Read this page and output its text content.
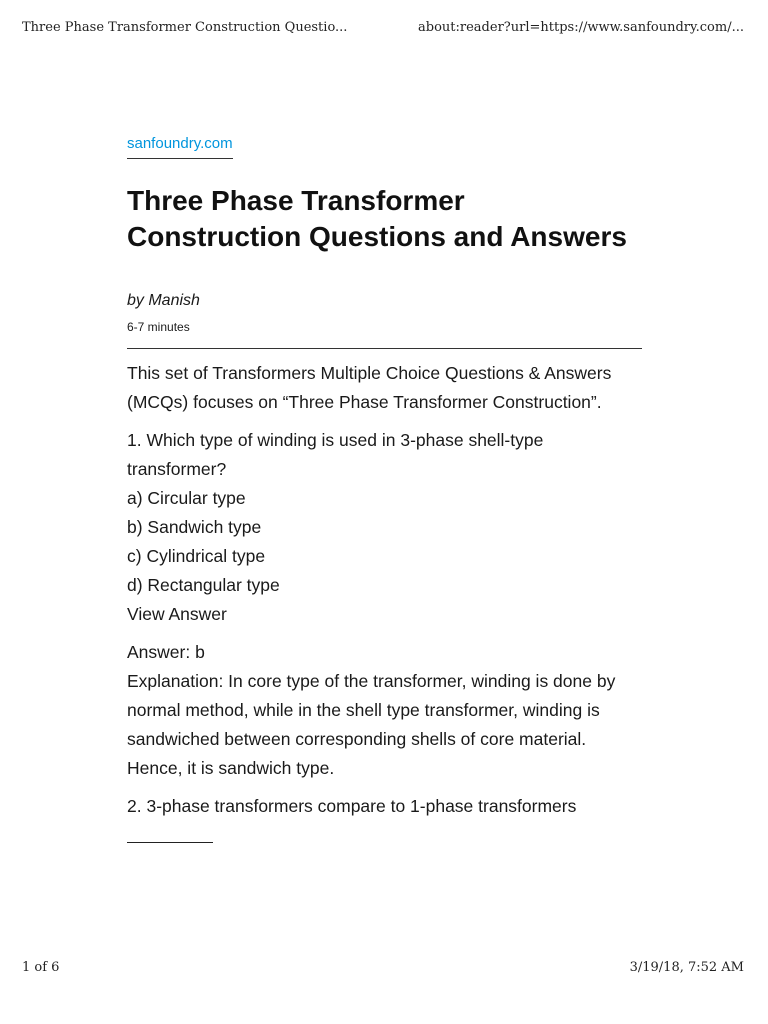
Three Phase Transformer Construction Questio...	about:reader?url=https://www.sanfoundry.com/...
sanfoundry.com
Three Phase Transformer Construction Questions and Answers
by Manish
6-7 minutes

This set of Transformers Multiple Choice Questions & Answers (MCQs) focuses on “Three Phase Transformer Construction”.

1. Which type of winding is used in 3-phase shell-type transformer?
a) Circular type
b) Sandwich type
c) Cylindrical type
d) Rectangular type
View Answer
Answer: b
Explanation: In core type of the transformer, winding is done by normal method, while in the shell type transformer, winding is sandwiched between corresponding shells of core material. Hence, it is sandwich type.
2. 3-phase transformers compare to 1-phase transformers
1 of 6	3/19/18, 7:52 AM
